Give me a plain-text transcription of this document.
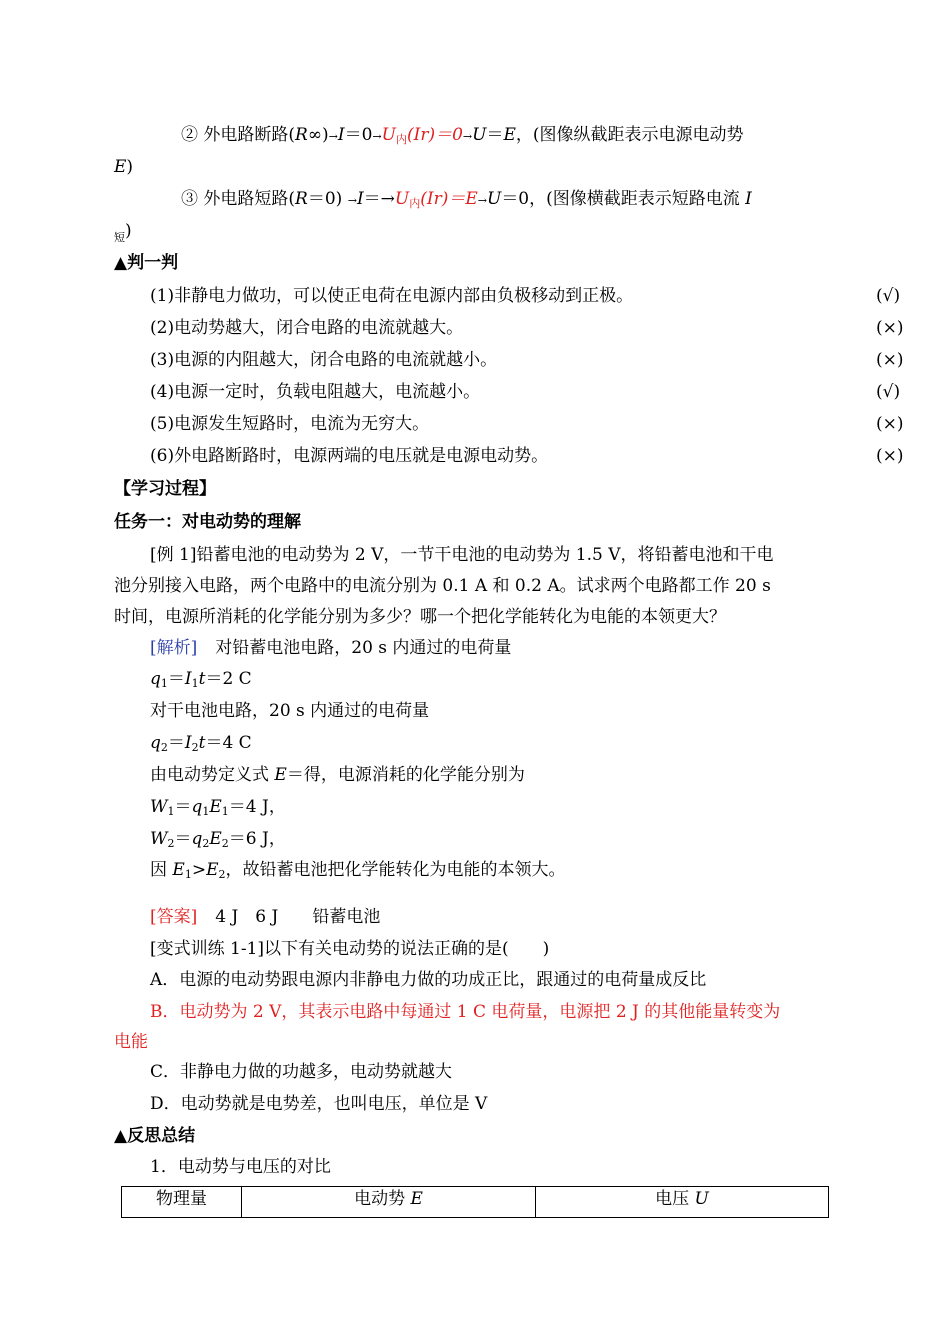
② 外电路断路$(R\infty)\to I=0\to U_内(Ir)=0\to U=E$，(图像纵截距表示电源电动势
E)
③ 外电路短路$(R=0) \to I=\to U_内(Ir)=E\to U=0$，(图像横截距表示短路电流 I
$_短$)
▲判一判
(1)非静电力做功，可以使正电荷在电源内部由负极移动到正极。	(√)
(2)电动势越大，闭合电路的电流就越大。	(×)
(3)电源的内阻越大，闭合电路的电流就越小。	(×)
(4)电源一定时，负载电阻越大，电流越小。	(√)
(5)电源发生短路时，电流为无穷大。	(×)
(6)外电路断路时，电源两端的电压就是电源电动势。	(×)
【学习过程】
任务一：对电动势的理解
[例 1]铅蓄电池的电动势为 2 V，一节干电池的电动势为 1.5 V，将铅蓄电池和干电
池分别接入电路，两个电路中的电流分别为 0.1 A 和 0.2 A。试求两个电路都工作 20 s
时间，电源所消耗的化学能分别为多少？哪一个把化学能转化为电能的本领更大？
[解析] 对铅蓄电池电路，20 s 内通过的电荷量
$q_1=I_1t=2$ C
对干电池电路，20 s 内通过的电荷量
$q_2=I_2t=4$ C
由电动势定义式 E＝得，电源消耗的化学能分别为
$W_1=q_1E_1=4$ J，
$W_2=q_2E_2=6$ J，
因 $E_1>E_2$，故铅蓄电池把化学能转化为电能的本领大。
[答案] 4 J　6 J　　铅蓄电池
[变式训练 1-1]以下有关电动势的说法正确的是(　　)
A．电源的电动势跟电源内非静电力做的功成正比，跟通过的电荷量成反比
B．电动势为 2 V，其表示电路中每通过 1 C 电荷量，电源把 2 J 的其他能量转变为
电能
C．非静电力做的功越多，电动势就越大
D．电动势就是电势差，也叫电压，单位是 V
▲反思总结
1．电动势与电压的对比
物理量	电动势 E	电压 U
